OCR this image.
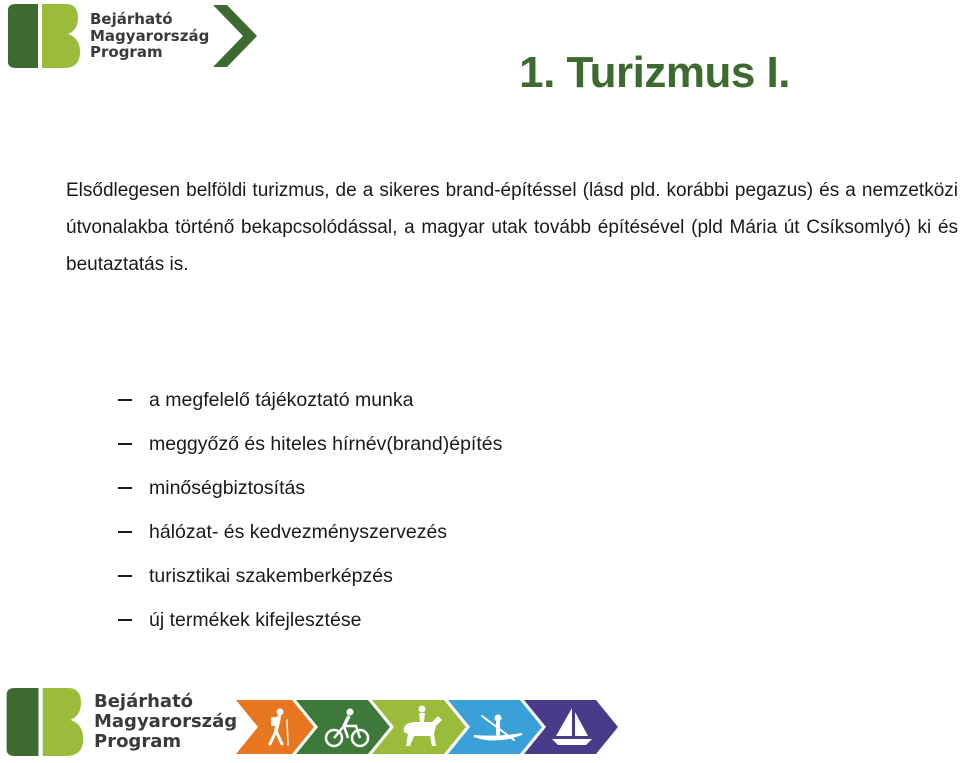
Bejárható
Magyarország
Program	1. Turizmus I.
Elsődlegesen belföldi turizmus, de a sikeres brand-építéssel (lásd pld. korábbi pegazus) és a nemzetközi útvonalakba történő bekapcsolódással, a magyar utak tovább építésével (pld Mária út Csíksomlyó) ki és beutaztatás is.
a megfelelő tájékoztató munka
meggyőző és hiteles hírnév(brand)építés
minőségbiztosítás
hálózat- és kedvezményszervezés
turisztikai szakemberképzés
új termékek kifejlesztése
Bejárható
Magyarország
Program
